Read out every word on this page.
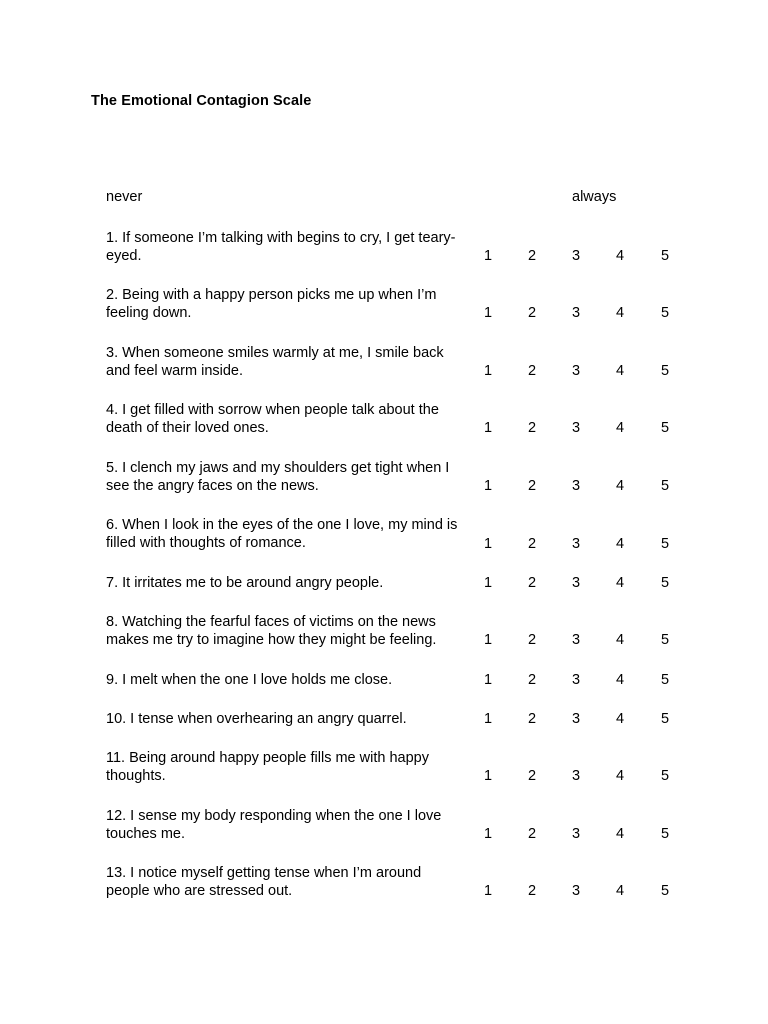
The Emotional Contagion Scale
never	always
1. If someone I’m talking with begins to cry, I get teary-eyed.	1	2	3	4	5
2. Being with a happy person picks me up when I’m feeling down.	1	2	3	4	5
3. When someone smiles warmly at me, I smile back and feel warm inside.	1	2	3	4	5
4. I get filled with sorrow when people talk about the death of their loved ones.	1	2	3	4	5
5. I clench my jaws and my shoulders get tight when I see the angry faces on the news.	1	2	3	4	5
6. When I look in the eyes of the one I love, my mind is filled with thoughts of romance.	1	2	3	4	5
7. It irritates me to be around angry people.	1	2	3	4	5
8. Watching the fearful faces of victims on the news makes me try to imagine how they might be feeling.	1	2	3	4	5
9. I melt when the one I love holds me close.	1	2	3	4	5
10. I tense when overhearing an angry quarrel.	1	2	3	4	5
11. Being around happy people fills me with happy thoughts.	1	2	3	4	5
12. I sense my body responding when the one I love touches me.	1	2	3	4	5
13. I notice myself getting tense when I’m around people who are stressed out.	1	2	3	4	5
